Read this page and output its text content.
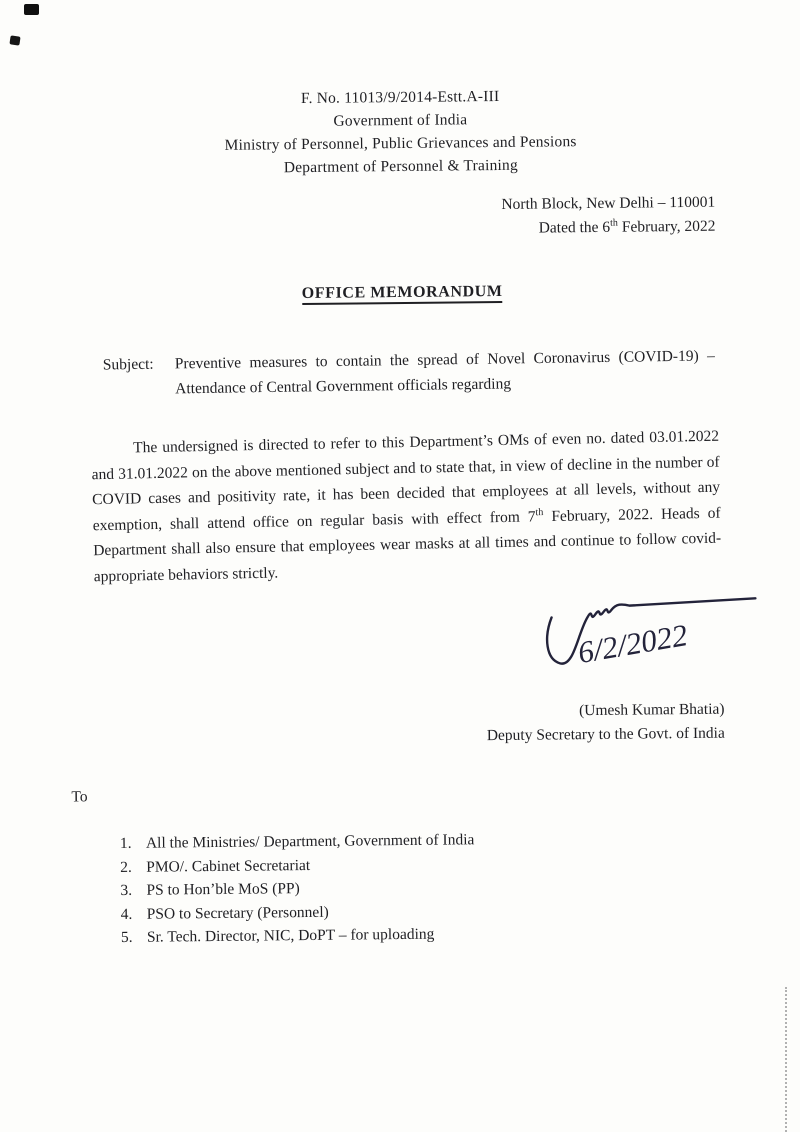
F. No. 11013/9/2014-Estt.A-III
Government of India
Ministry of Personnel, Public Grievances and Pensions
Department of Personnel & Training
North Block, New Delhi – 110001
Dated the 6th February, 2022
OFFICE MEMORANDUM
Subject: Preventive measures to contain the spread of Novel Coronavirus (COVID-19) – Attendance of Central Government officials regarding

The undersigned is directed to refer to this Department’s OMs of even no. dated 03.01.2022 and 31.01.2022 on the above mentioned subject and to state that, in view of decline in the number of COVID cases and positivity rate, it has been decided that employees at all levels, without any exemption, shall attend office on regular basis with effect from 7th February, 2022. Heads of Department shall also ensure that employees wear masks at all times and continue to follow covid-appropriate behaviors strictly.

6/2/2022
(Umesh Kumar Bhatia)
Deputy Secretary to the Govt. of India
To
1. All the Ministries/ Department, Government of India
2. PMO/. Cabinet Secretariat
3. PS to Hon’ble MoS (PP)
4. PSO to Secretary (Personnel)
5. Sr. Tech. Director, NIC, DoPT – for uploading
